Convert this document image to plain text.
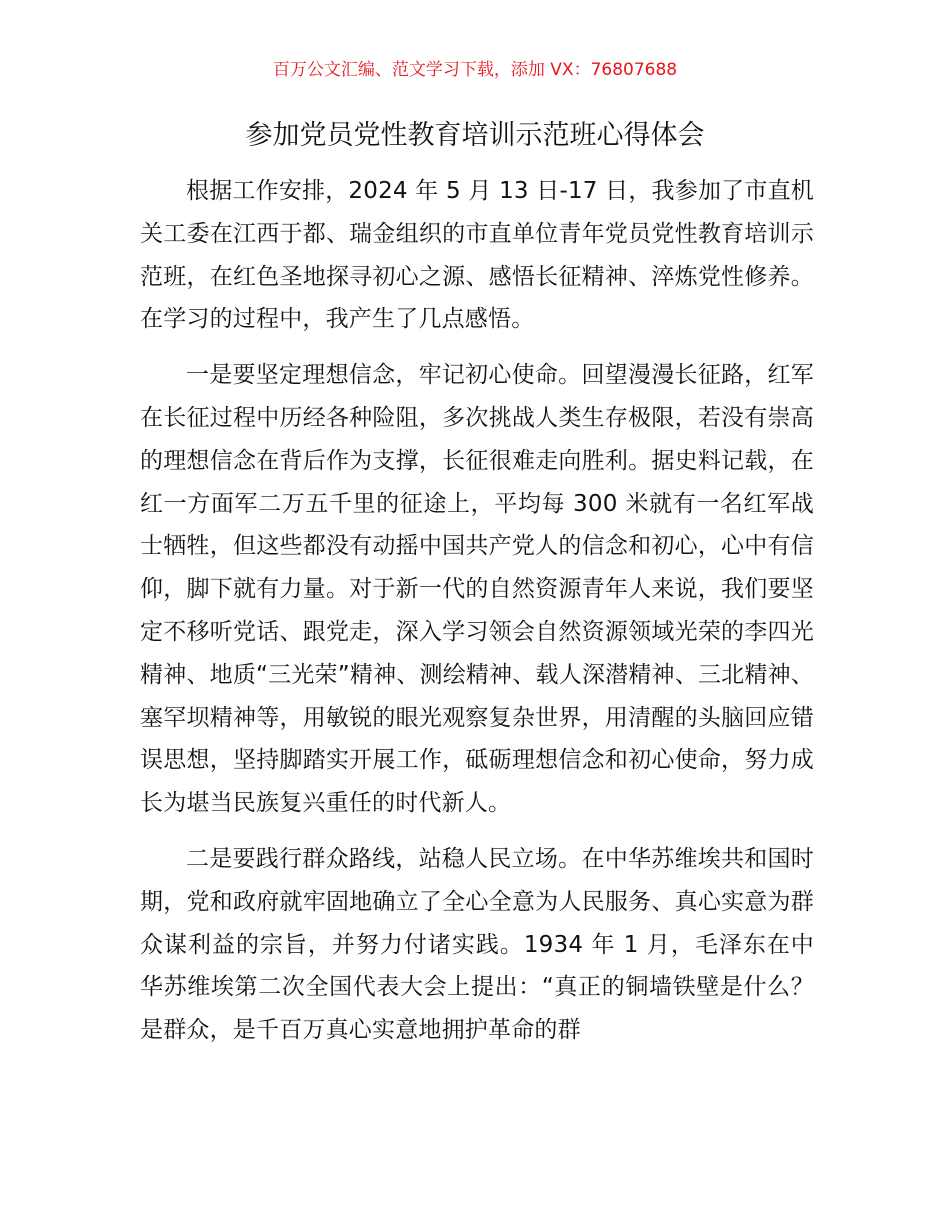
百万公文汇编、范文学习下载，添加 VX：76807688
参加党员党性教育培训示范班心得体会

根据工作安排，2024 年 5 月 13 日-17 日，我参加了市直机关工委在江西于都、瑞金组织的市直单位青年党员党性教育培训示范班，在红色圣地探寻初心之源、感悟长征精神、淬炼党性修养。在学习的过程中，我产生了几点感悟。

一是要坚定理想信念，牢记初心使命。回望漫漫长征路，红军在长征过程中历经各种险阻，多次挑战人类生存极限，若没有崇高的理想信念在背后作为支撑，长征很难走向胜利。据史料记载，在红一方面军二万五千里的征途上，平均每 300 米就有一名红军战士牺牲，但这些都没有动摇中国共产党人的信念和初心，心中有信仰，脚下就有力量。对于新一代的自然资源青年人来说，我们要坚定不移听党话、跟党走，深入学习领会自然资源领域光荣的李四光精神、地质“三光荣”精神、测绘精神、载人深潜精神、三北精神、塞罕坝精神等，用敏锐的眼光观察复杂世界，用清醒的头脑回应错误思想，坚持脚踏实开展工作，砥砺理想信念和初心使命，努力成长为堪当民族复兴重任的时代新人。

二是要践行群众路线，站稳人民立场。在中华苏维埃共和国时期，党和政府就牢固地确立了全心全意为人民服务、真心实意为群众谋利益的宗旨，并努力付诸实践。1934 年 1 月，毛泽东在中华苏维埃第二次全国代表大会上提出：“真正的铜墙铁壁是什么？是群众，是千百万真心实意地拥护革命的群
